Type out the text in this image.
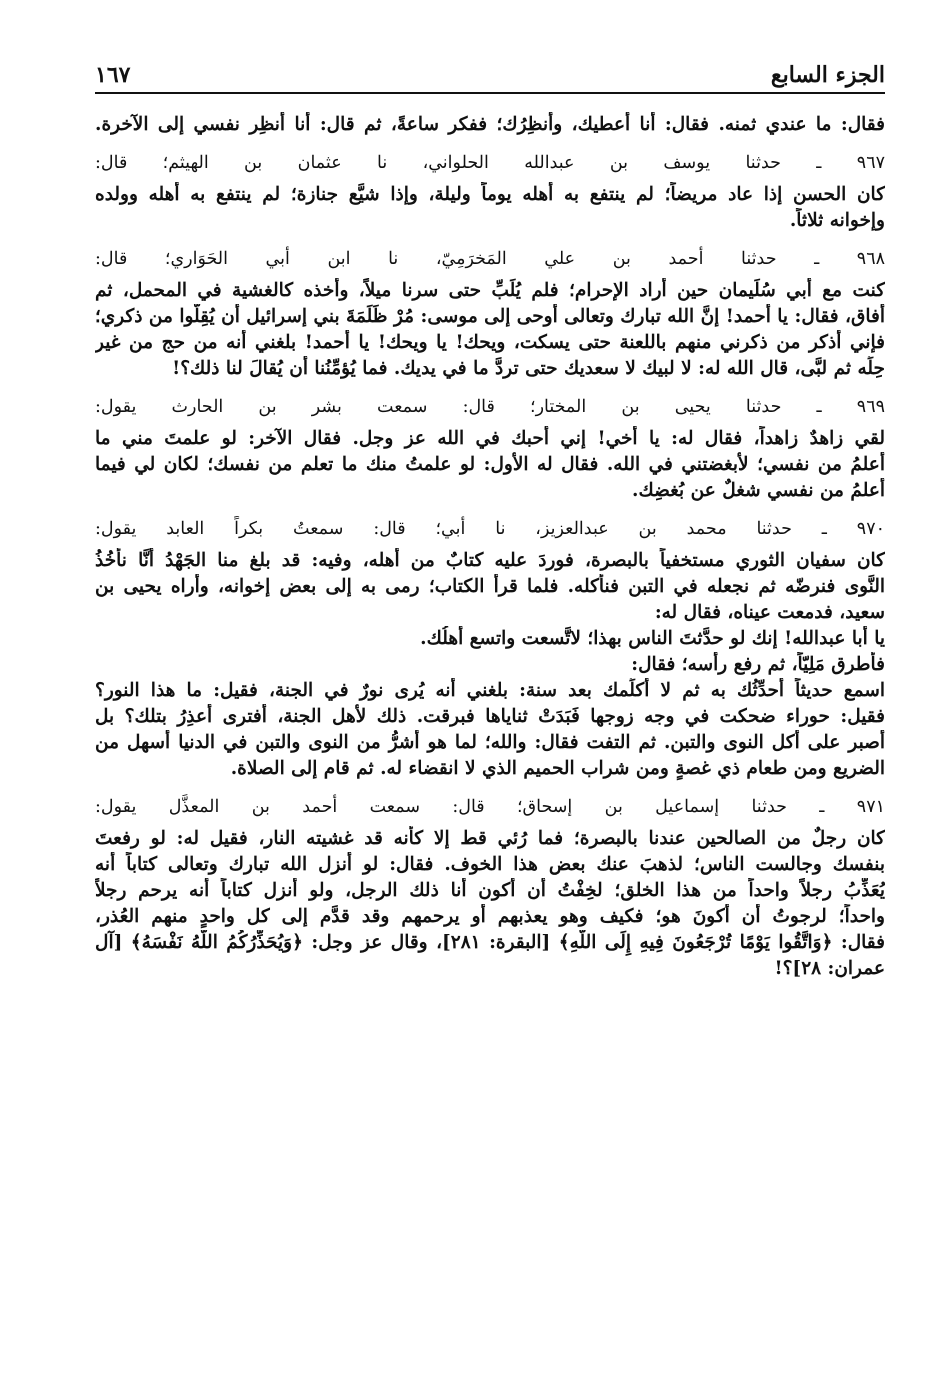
الجزء السابع
١٦٧

فقال: ما عندي ثمنه. فقال: أنا أعطيك، وأُنظِرُك؛ ففكر ساعةً، ثم قال: أنا أُنظِر نفسي إلى الآخرة.

٩٦٧ ـ حدثنا يوسف بن عبدالله الحلواني، نا عثمان بن الهيثم؛ قال:

كان الحسن إذا عاد مريضاً؛ لم ينتفع به أهله يوماً وليلة، وإذا شيَّع جنازة؛ لم ينتفع به أهله وولده

وإخوانه ثلاثاً.

٩٦٨ ـ حدثنا أحمد بن علي المَخرَمِيّ، نا ابن أبي الحَوَاري؛ قال:

كنت مع أبي سُلَيمان حين أراد الإحرام؛ فلم يُلَبِّ حتى سرنا ميلاً، وأخذه كالغشية في المحمل، ثم

أفاق، فقال: يا أحمد! إنَّ الله تبارك وتعالى أوحى إلى موسى: مُرْ ظَلَمَةَ بني إسرائيل أن يُقِلُّوا من ذكري؛

فإني أذكر من ذكرني منهم باللعنة حتى يسكت، ويحك! يا ويحك! يا أحمد! بلغني أنه من حج من غير

حِلِّه ثم لبَّى، قال الله له: لا لبيك لا سعديك حتى تردَّ ما في يديك. فما يُؤمِّنُنا أن يُقالَ لنا ذلك؟!

٩٦٩ ـ حدثنا يحيى بن المختار؛ قال: سمعت بشر بن الحارث يقول:

لقي زاهدٌ زاهداً، فقال له: يا أخي! إني أحبك في الله عز وجل. فقال الآخر: لو علمتَ مني ما

أعلمُ من نفسي؛ لأبغضتني في الله. فقال له الأول: لو علمتُ منك ما تعلم من نفسك؛ لكان لي فيما

أعلمُ من نفسي شغلٌ عن بُغضِك.

٩٧٠ ـ حدثنا محمد بن عبدالعزيز، نا أبي؛ قال: سمعتُ بكراً العابد يقول:

كان سفيان الثوري مستخفياً بالبصرة، فوردَ عليه كتابٌ من أهله، وفيه: قد بلغ منا الجَهْدُ أنَّا نأخُذُ

النَّوى فنرضّه ثم نجعله في التبن فنأكله. فلما قرأ الكتاب؛ رمى به إلى بعض إخوانه، وأراه يحيى بن

سعيد، فدمعت عيناه، فقال له:

يا أبا عبدالله! إنك لو حدَّثتَ الناس بهذا؛ لاتَّسعت واتسع أهلُك.

فأطرق مَلِيّاً، ثم رفع رأسه؛ فقال:

اسمع حديثاً أحدِّثُك به ثم لا أكلِّمك بعد سنة: بلغني أنه يُرى نورٌ في الجنة، فقيل: ما هذا النور؟

فقيل: حوراء ضحكت في وجه زوجها فَبَدَتْ ثناياها فبرقت. ذلك لأهل الجنة، أفترى أعذِرُ بتلك؟ بل

أصبر على أكل النوى والتبن. ثم التفت فقال: والله؛ لما هو أشرُّ من النوى والتبن في الدنيا أسهل من

الضريع ومن طعام ذي غصةٍ ومن شراب الحميم الذي لا انقضاء له. ثم قام إلى الصلاة.

٩٧١ ـ حدثنا إسماعيل بن إسحاق؛ قال: سمعت أحمد بن المعذَّل يقول:

كان رجلٌ من الصالحين عندنا بالبصرة؛ فما رُئي قط إلا كأنه قد غشيته النار، فقيل له: لو رفعتَ

بنفسك وجالست الناس؛ لذهبَ عنك بعض هذا الخوف. فقال: لو أنزل الله تبارك وتعالى كتاباً أنه

يُعَذِّبُ رجلاً واحداً من هذا الخلق؛ لخِفْتُ أن أكون أنا ذلك الرجل، ولو أنزل كتاباً أنه يرحم رجلاً

واحداً؛ لرجوتُ أن أكونَ هو؛ فكيف وهو يعذبهم أو يرحمهم وقد قدَّم إلى كل واحدٍ منهم العُذر،

فقال: ﴿وَاتَّقُوا يَوْمًا تُرْجَعُونَ فِيهِ إِلَى اللَّهِ﴾ [البقرة: ٢٨١]، وقال عز وجل: ﴿وَيُحَذِّرُكُمُ اللَّهُ نَفْسَهُ﴾ [آل

عمران: ٢٨]؟!
